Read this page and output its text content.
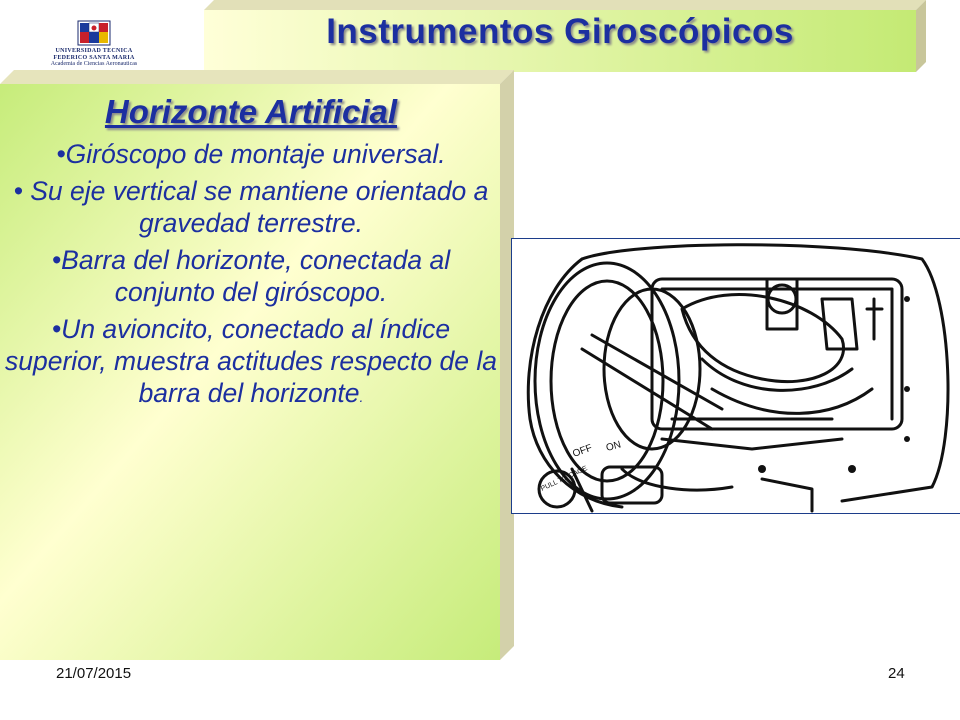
UNIVERSIDAD TECNICA
FEDERICO SANTA MARIA
Academia de Ciencias Aeronauticas
Instrumentos Giroscópicos
Horizonte Artificial
•Giróscopo de montaje universal.
• Su eje vertical se mantiene orientado a gravedad terrestre.
•Barra del horizonte, conectada al conjunto del giróscopo.
•Un avioncito, conectado al índice superior, muestra actitudes respecto de la barra del horizonte.
OFF ON
PULL TO CAGE
21/07/2015	24
